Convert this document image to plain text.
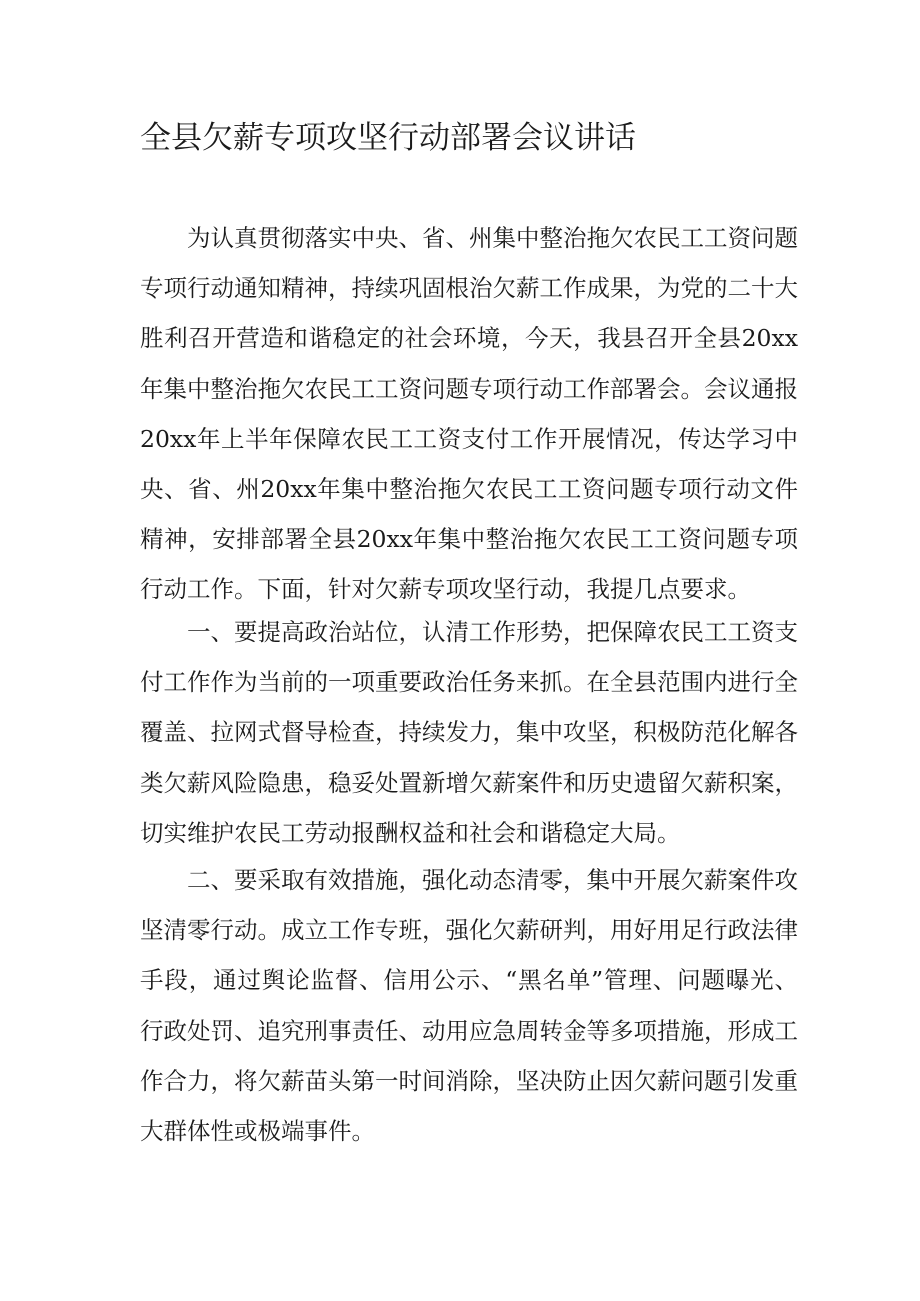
全县欠薪专项攻坚行动部署会议讲话

为认真贯彻落实中央、省、州集中整治拖欠农民工工资问题专项行动通知精神，持续巩固根治欠薪工作成果，为党的二十大胜利召开营造和谐稳定的社会环境，今天，我县召开全县20xx年集中整治拖欠农民工工资问题专项行动工作部署会。会议通报20xx年上半年保障农民工工资支付工作开展情况，传达学习中央、省、州20xx年集中整治拖欠农民工工资问题专项行动文件精神，安排部署全县20xx年集中整治拖欠农民工工资问题专项行动工作。下面，针对欠薪专项攻坚行动，我提几点要求。

一、要提高政治站位，认清工作形势，把保障农民工工资支付工作作为当前的一项重要政治任务来抓。在全县范围内进行全覆盖、拉网式督导检查，持续发力，集中攻坚，积极防范化解各类欠薪风险隐患，稳妥处置新增欠薪案件和历史遗留欠薪积案，切实维护农民工劳动报酬权益和社会和谐稳定大局。

二、要采取有效措施，强化动态清零，集中开展欠薪案件攻坚清零行动。成立工作专班，强化欠薪研判，用好用足行政法律手段，通过舆论监督、信用公示、“黑名单”管理、问题曝光、行政处罚、追究刑事责任、动用应急周转金等多项措施，形成工作合力，将欠薪苗头第一时间消除，坚决防止因欠薪问题引发重大群体性或极端事件。
